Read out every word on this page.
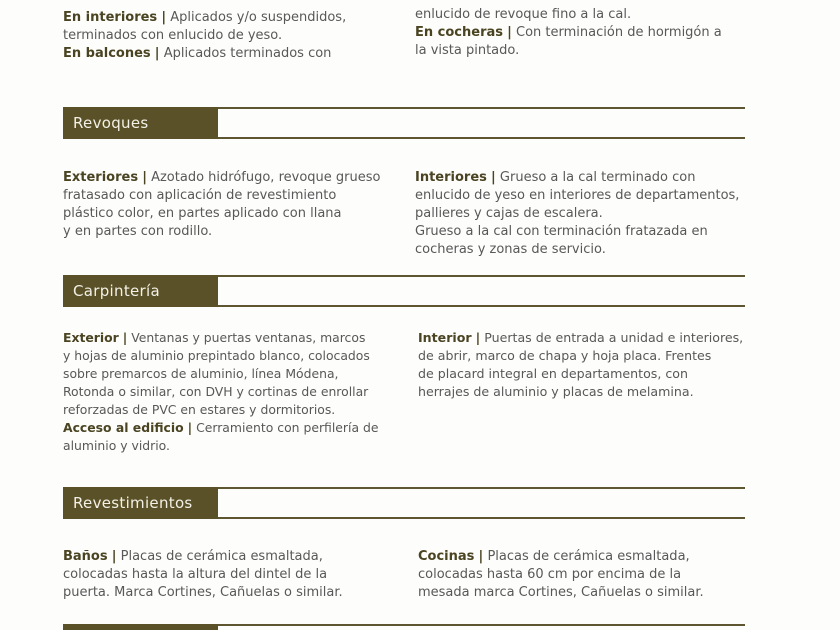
En interiores | Aplicados y/o suspendidos,

terminados con enlucido de yeso.

En balcones | Aplicados terminados con

enlucido de revoque fino a la cal.

En cocheras | Con terminación de hormigón a

la vista pintado.

Revoques

Exteriores | Azotado hidrófugo, revoque grueso

fratasado con aplicación de revestimiento

plástico color, en partes aplicado con llana

y en partes con rodillo.

Interiores | Grueso a la cal terminado con

enlucido de yeso en interiores de departamentos,

pallieres y cajas de escalera.

Grueso a la cal con terminación fratazada en

cocheras y zonas de servicio.

Carpintería

Exterior | Ventanas y puertas ventanas, marcos

y hojas de aluminio prepintado blanco, colocados

sobre premarcos de aluminio, línea Módena,

Rotonda o similar, con DVH y cortinas de enrollar

reforzadas de PVC en estares y dormitorios.

Acceso al edificio | Cerramiento con perfilería de

aluminio y vidrio.

Interior | Puertas de entrada a unidad e interiores,

de abrir, marco de chapa y hoja placa. Frentes

de placard integral en departamentos, con

herrajes de aluminio y placas de melamina.

Revestimientos

Baños | Placas de cerámica esmaltada,

colocadas hasta la altura del dintel de la

puerta. Marca Cortines, Cañuelas o similar.

Cocinas | Placas de cerámica esmaltada,

colocadas hasta 60 cm por encima de la

mesada marca Cortines, Cañuelas o similar.
